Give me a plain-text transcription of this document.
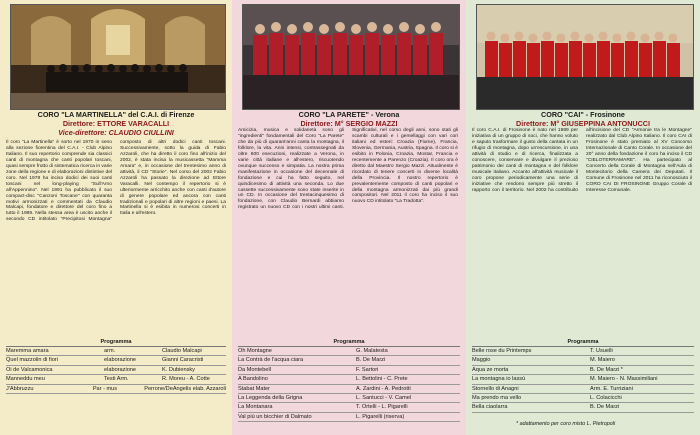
CORO "LA MARTINELLA" del C.A.I. di Firenze
Direttore: ETTORE VARACALLI
Vice-direttore: CLAUDIO CIULLINI

Il coro "La Martinella" è sorto nel 1970 in seno alla sezione fiorentina del C.A.I. - Club Alpino Italiano. Il suo repertorio comprende sia classici canti di montagna che canti popolari toscani, quasi sempre frutto di sistematica ricerca in varie zone della regione e di elaborazioni distintive del coro. Nel 1978 ha inciso dodici dei suoi canti toscani nel long-playing "Sull'Arno all'Appennino". Nel 1991 ha pubblicato il suo compact-disc "Canzoni Toscane" con quaranta motivi armonizzati e commentati da Claudio Malcapi, fondatore e direttore del coro fino a tutto il 1989. Nella stessa area è uscito anche il secondo CD intitolato "Precipitosi Montagna" composto di altri dodici canti toscani. Successivamente, sotto la guida di Fabio Azzaroli, che ha diretto il coro fino all'inizio del 2002, è stata incisa la musicassetta "Mamma Amara" e, in occasione del trentesimo anno di attività, il CD "Storie". Nel corso del 2002 Fabio Azzaroli ha passato la direzione ad Ettore Varacalli. Nel contempo il repertorio si è ulteriormente arricchito anche con canti d'autore di genere popolare ed ancora con canti tradizionali e popolari di altre regioni e paesi. La Martinella si è esibita in numerosi concerti in Italia e all'estero.

Programma
Maremma amara	arm.	Claudio Malcapi
Quel mazzolin di fiori	elaborazione	Gianni Caracristi
Oi de Valcamonica	elaborazione	K. Dubiensky
Manneddu meu	Testi Arm.	R. Moreu - A. Cotte
J'Abbruzzu	Par - mus	Perrone/DeAngelis elab. Azzaroli
CORO "LA PARETE" - Verona
Direttore: M° SERGIO MAZZI

Amicizia, musica e solidarietà sono gli "ingredienti" fondamentali del Coro "La Parete" che da più di quarant'anni canta la montagna, il folklore, la vita. Anni intensi, contrassegnati da oltre 600 esecuzioni, realizzate a Verona, in varie città italiane e all'estero, riscuotendo ovunque successo e simpatia. La nostra prima manifestazione in occasione del decennale di fondazione e cui ha fatto seguito, nel quindicesimo di attività una seconda. Lo due cassette successivamente sono state inserite in un CD. In occasione del trentacinquesimo di fondazione, con Claudio Bernardi abbiamo registrato un nuovo CD con i nostri ultimi canti. Significativi, nel corso degli anni, sono stati gli scambi culturali e i gemellaggi con vari cori italiani ed esteri: Croazia (Fiume), Francia, Slovenia, Germania, Austria, Spagna. Il coro si è esibito in Polonia, Croazia, Mostar, Francia e recentemente a Parenzo (Croazia). Il coro ora è diretto dal Maestro Sergio Mazzi. Attualmente è ricordato di tenere concerti in diverse località della Provincia. Il nostro repertorio è prevalentemente composto di canti popolari e della montagna armonizzati dai più grandi compositori. Nel 2011 il coro ha inciso il suo nuovo CD intitolato "La Tradotta".

Programma
Oh Montagne	G. Malatesta
La Contrà de l'acqua ciara	B. De Marzi
Da Montebell	F. Sartori
A Bandolino	L. Bettolini - C. Prete
Stabat Mater	A. Zardini - A. Pedrotti
La Leggenda della Grigna	L. Santucci - V. Camel
La Montanara	T. Ortelli - L. Pigarelli
Val più un bicchier di Dalmato	L. Pigarelli (riserva)
CORO "CAI" - Frosinone
Direttore: M° GIUSEPPINA ANTONUCCI

Il coro C.A.I. di Frosinone è nato nel 1989 per iniziativa di un gruppo di soci, che hanno voluto e saputo trasformare il gusto della cantata in un rifugio di montagna, dopo un'escursione, in una attività di studio e di ricerca, finalizzata a conoscere, conservare e divulgare il prezioso patrimonio dei canti di montagna e del folklore musicale italiano. Accanto all'attività musicale il coro propone periodicamente una serie di iniziative che rendono sempre più stretto il rapporto con il territorio. Nel 2002 ha contribuito all'incisione del CD "Armonie tra le Montagne" realizzato dal Club Alpino Italiano. Il coro CAI di Frosinone è stato premiato al XV Concorso Internazionale di Canto Corale. In occasione del 20° anno della fondazione il coro ha inciso il CD "CIELOTERRAMARE". Ha partecipato al Concerto della Corale di Montagna nell'Aula di Montecitorio della Camera dei Deputati. Il Comune di Frosinone nel 2011 ha riconosciuto il CORO CAI DI FROSINONE Gruppo Corale di Interesse Comunale.

Programma
Belle rose du Printemps	T. Usuelli
Maggio	M. Maiero
Aqua ze morta	B. De Marzi *
La montagna io lassù	M. Maiero - N. Massimiliani
Stornello di Anagni	Arm. E. Turriziani
Ma prendo ma vello	L. Colacicchi
Bella ciaolarra	B. De Marzi
* adattamento per coro misto L. Pietropoli
